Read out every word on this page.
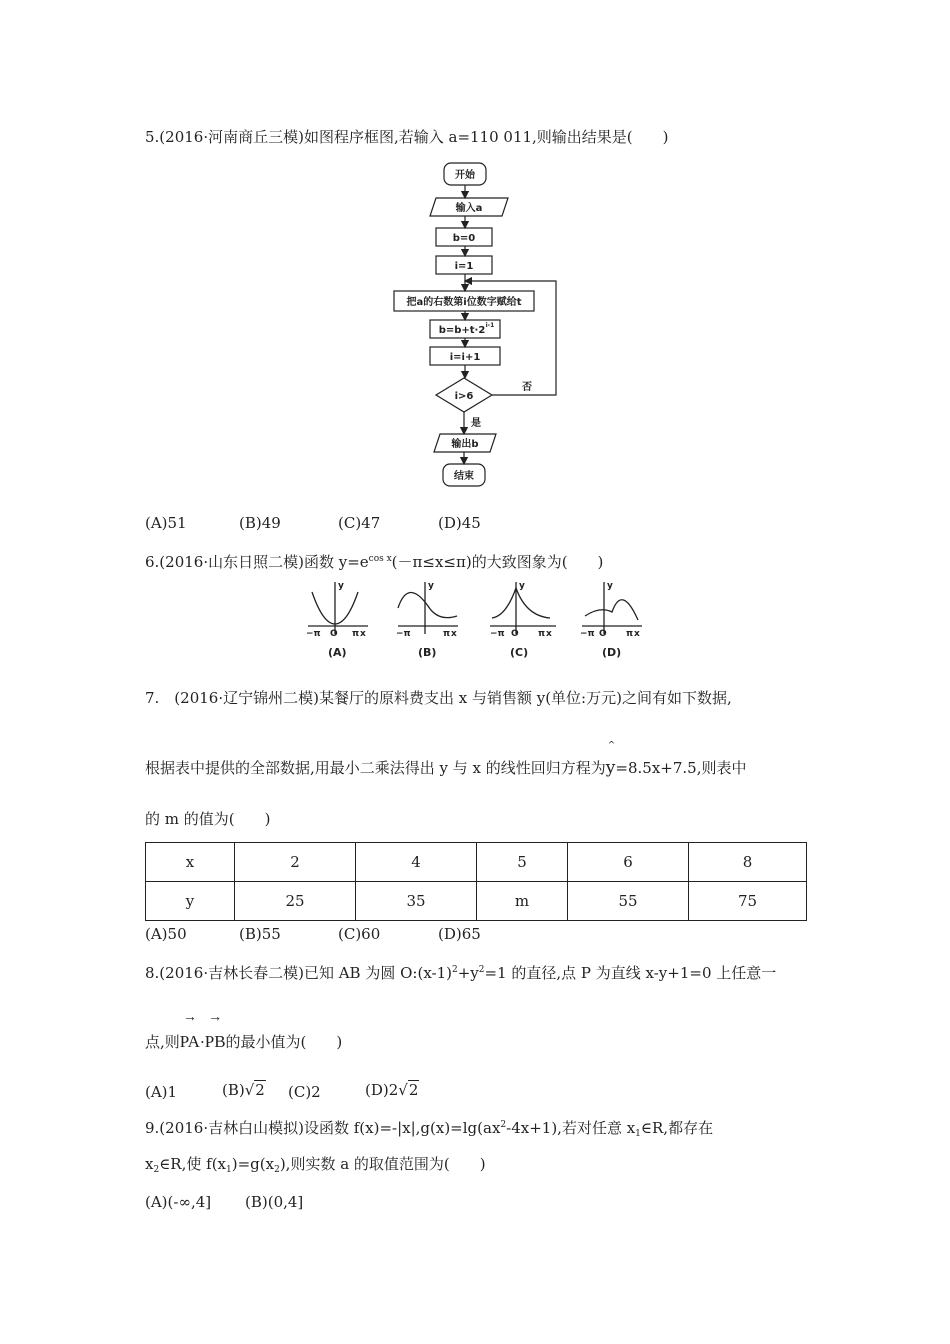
5.(2016·河南商丘三模)如图程序框图,若输入 a=110 011,则输出结果是(　　)
开始
输入a
b=0
i=1
把a的右数第i位数字赋给t
b=b+t·2 i-1
i=i+1
i>6
否
是
输出b
结束
(A)51	(B)49	(C)47	(D)45
6.(2016·山东日照二模)函数 $y=e^{cos x}(-\pi\le x\le\pi)$的大致图象为(　　)
y	y	y	y
−π O π x	−π	π x	−π O π x	−π O π x
(A)	(B)	(C)	(D)
7.　(2016·辽宁锦州二模)某餐厅的原料费支出 x 与销售额 y(单位:万元)之间有如下数据,
根据表中提供的全部数据,用最小二乘法得出 y 与 x 的线性回归方程为
^
y=8.5x+7.5,则表中
的 m 的值为(　　)
x	2	4	5	6	8
y	25	35	m	55	75
(A)50	(B)55	(C)60	(D)65
8.(2016·吉林长春二模)已知 AB 为圆 $O:(x-1)^2+y^2=1$ 的直径,点 P 为直线 x-y+1=0 上任意一
点,则
→
PA·
→
PB的最小值为(　　)
(A)1	(B)√2 (C)2	(D)2√2
9.(2016·吉林白山模拟)设函数 $f(x)=-|x|,g(x)=\lg(ax^2-4x+1)$,若对任意 $x_1\in R$,都存在
$x_2\in R$,使 $f(x_1)=g(x_2)$,则实数 a 的取值范围为(　　)
(A)(-∞,4] (B)(0,4]
